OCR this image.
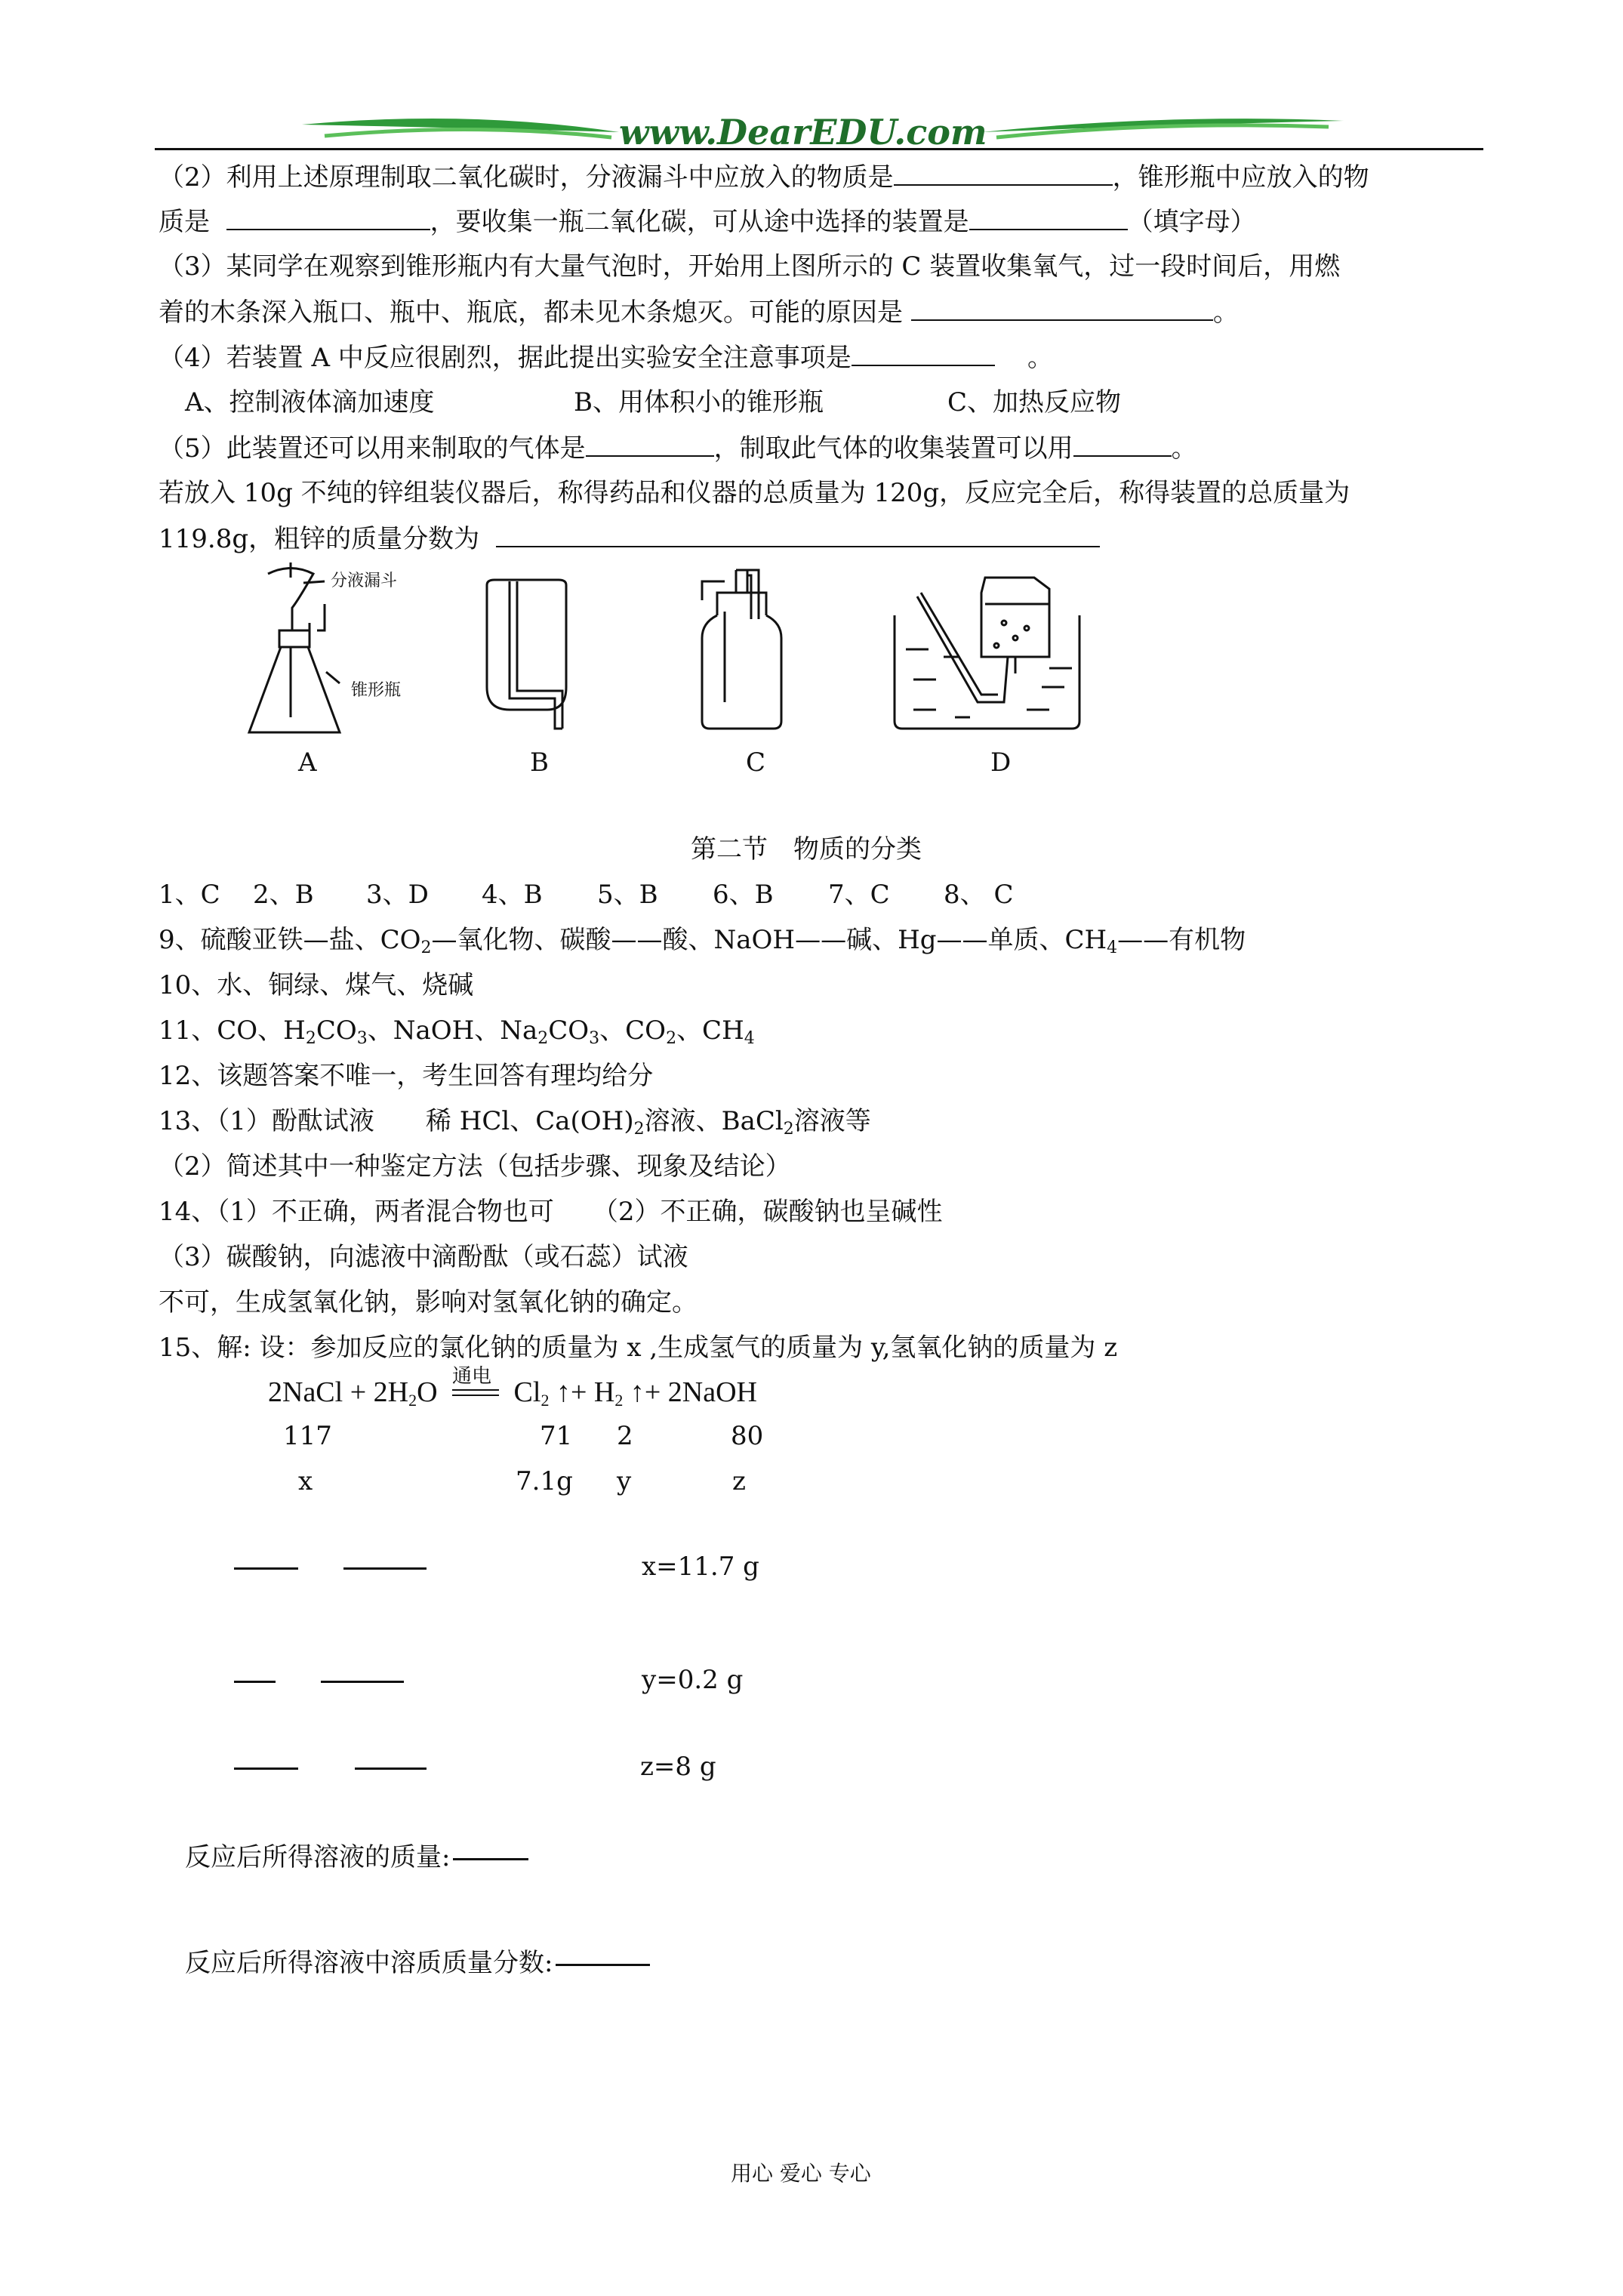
www.DearEDU.com
（2）利用上述原理制取二氧化碳时，分液漏斗中应放入的物质是	，锥形瓶中应放入的物
质是	，要收集一瓶二氧化碳，可从途中选择的装置是	（填字母）
（3）某同学在观察到锥形瓶内有大量气泡时，开始用上图所示的 C 装置收集氧气，过一段时间后，用燃
着的木条深入瓶口、瓶中、瓶底，都未见木条熄灭。可能的原因是	。
（4）若装置 A 中反应很剧烈，据此提出实验安全注意事项是	。
A、控制液体滴加速度	B、用体积小的锥形瓶	C、加热反应物
（5）此装置还可以用来制取的气体是	，制取此气体的收集装置可以用	。
若放入 10g 不纯的锌组装仪器后，称得药品和仪器的总质量为 120g，反应完全后，称得装置的总质量为
119.8g，粗锌的质量分数为
分液漏斗
锥形瓶
A	B	C	D
第二节　物质的分类
1、C 2、B 3、D 4、B 5、B 6、B 7、C 8、 C
9、硫酸亚铁—盐、$CO_2—$氧化物、碳酸——酸、NaOH——碱、Hg——单质、$CH_4——$有机物
10、水、铜绿、煤气、烧碱
11、CO、$H_2CO_3$、NaOH、$Na_2CO_3$、$CO_2$、$CH_4$
12、该题答案不唯一，考生回答有理均给分
13、（1）酚酞试液　　稀 HCl、$Ca(OH)_2$溶液、BaCl$_2$溶液等
（2）简述其中一种鉴定方法（包括步骤、现象及结论）
14、（1）不正确，两者混合物也可　　（2）不正确，碳酸钠也呈碱性
（3）碳酸钠，向滤液中滴酚酞（或石蕊）试液
不可，生成氢氧化钠，影响对氢氧化钠的确定。
15、解: 设：参加反应的氯化钠的质量为 x ,生成氢气的质量为 y,氢氧化钠的质量为 z
2NaCl + $2H_2O$
通电
$Cl_2$ ↑+ $H_2$ ↑+ 2NaOH
117	71 2	80
x	7.1g y	z
x=11.7 g
y=0.2 g
z=8 g
反应后所得溶液的质量:
反应后所得溶液中溶质质量分数:
用心 爱心 专心
